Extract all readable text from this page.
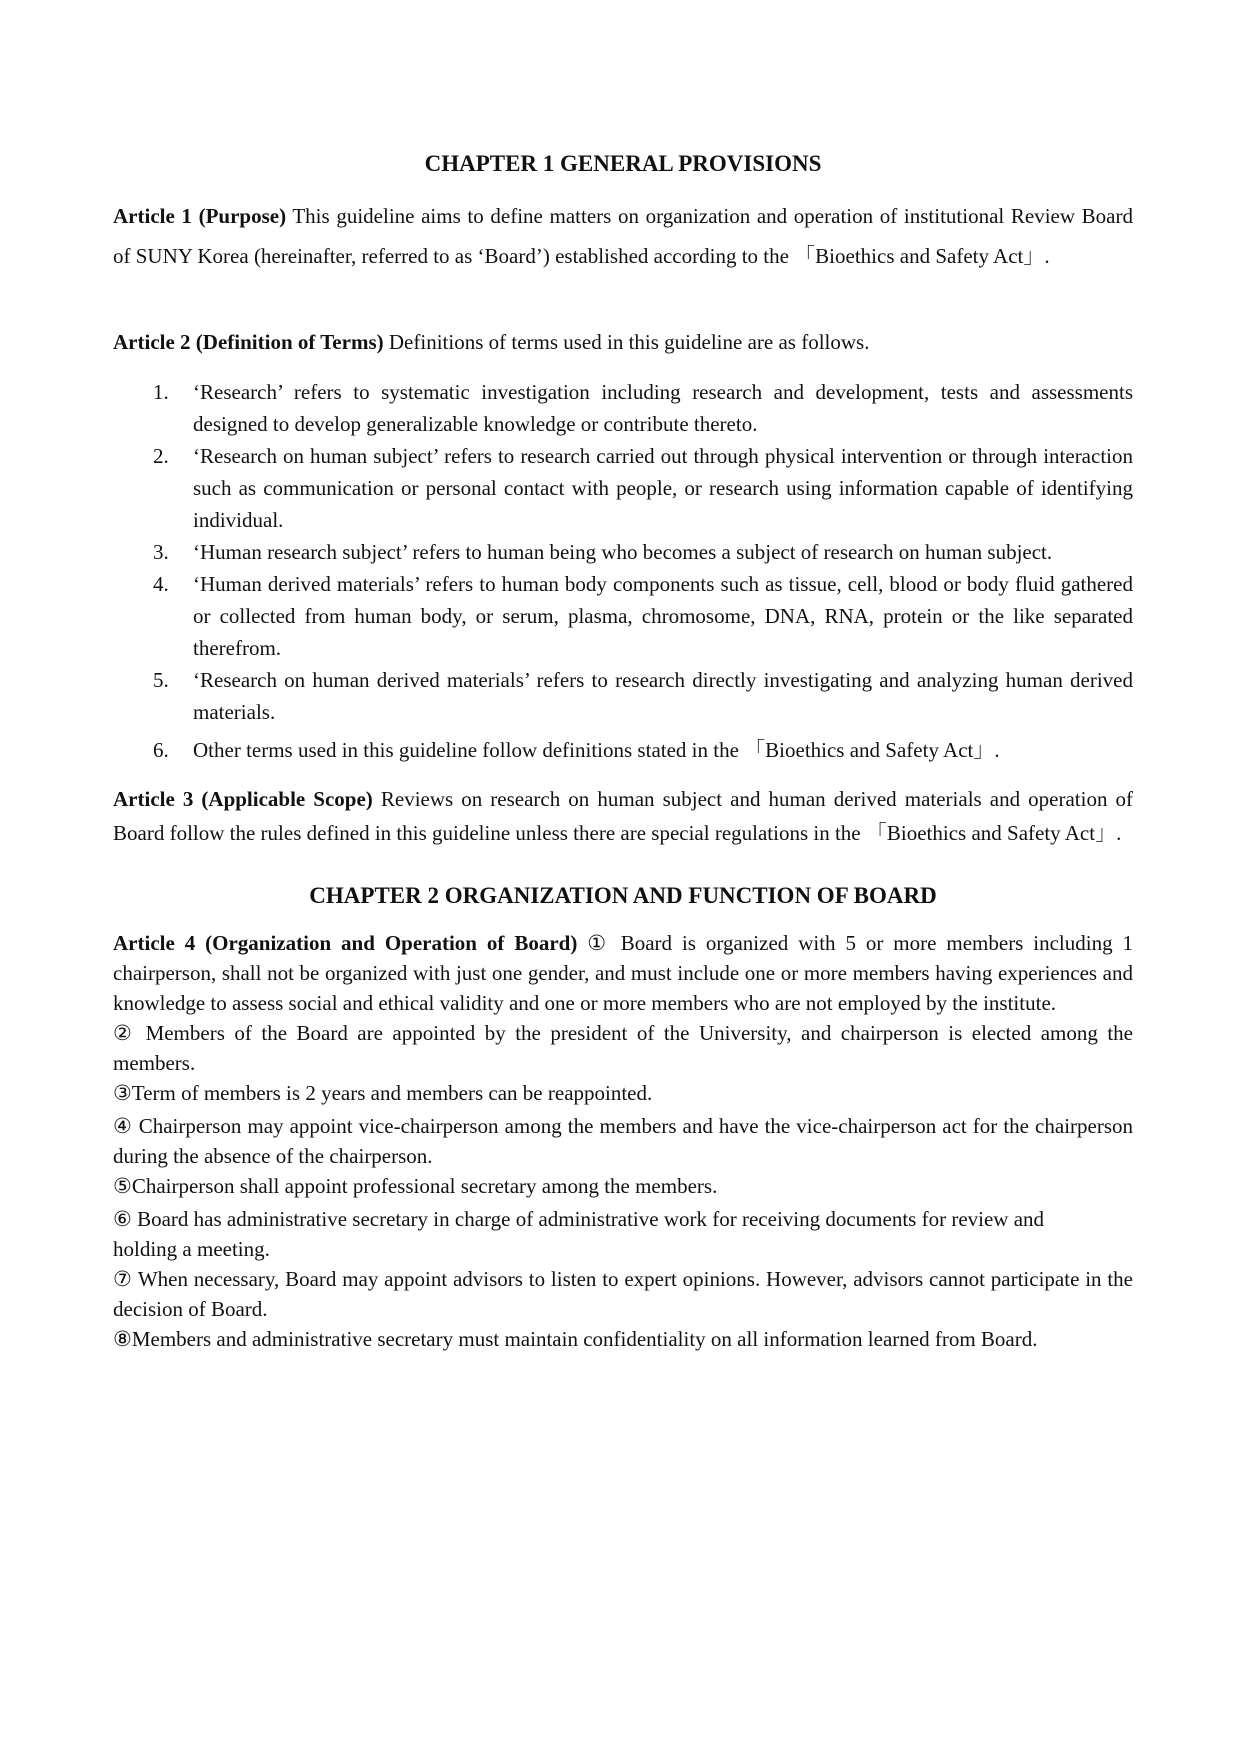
CHAPTER 1 GENERAL PROVISIONS

Article 1 (Purpose) This guideline aims to define matters on organization and operation of institutional Review Board of SUNY Korea (hereinafter, referred to as ‘Board’) established according to the 「Bioethics and Safety Act」.

Article 2 (Definition of Terms) Definitions of terms used in this guideline are as follows.

1. ‘Research’ refers to systematic investigation including research and development, tests and assessments designed to develop generalizable knowledge or contribute thereto.
2. ‘Research on human subject’ refers to research carried out through physical intervention or through interaction such as communication or personal contact with people, or research using information capable of identifying individual.
3. ‘Human research subject’ refers to human being who becomes a subject of research on human subject.
4. ‘Human derived materials’ refers to human body components such as tissue, cell, blood or body fluid gathered or collected from human body, or serum, plasma, chromosome, DNA, RNA, protein or the like separated therefrom.
5. ‘Research on human derived materials’ refers to research directly investigating and analyzing human derived materials.
6. Other terms used in this guideline follow definitions stated in the 「Bioethics and Safety Act」.

Article 3 (Applicable Scope) Reviews on research on human subject and human derived materials and operation of Board follow the rules defined in this guideline unless there are special regulations in the 「Bioethics and Safety Act」.

CHAPTER 2 ORGANIZATION AND FUNCTION OF BOARD

Article 4 (Organization and Operation of Board) ① Board is organized with 5 or more members including 1 chairperson, shall not be organized with just one gender, and must include one or more members having experiences and knowledge to assess social and ethical validity and one or more members who are not employed by the institute.

② Members of the Board are appointed by the president of the University, and chairperson is elected among the members.

③Term of members is 2 years and members can be reappointed.

④ Chairperson may appoint vice-chairperson among the members and have the vice-chairperson act for the chairperson during the absence of the chairperson.

⑤Chairperson shall appoint professional secretary among the members.

⑥ Board has administrative secretary in charge of administrative work for receiving documents for review and

holding a meeting.

⑦ When necessary, Board may appoint advisors to listen to expert opinions. However, advisors cannot participate in the decision of Board.

⑧Members and administrative secretary must maintain confidentiality on all information learned from Board.
